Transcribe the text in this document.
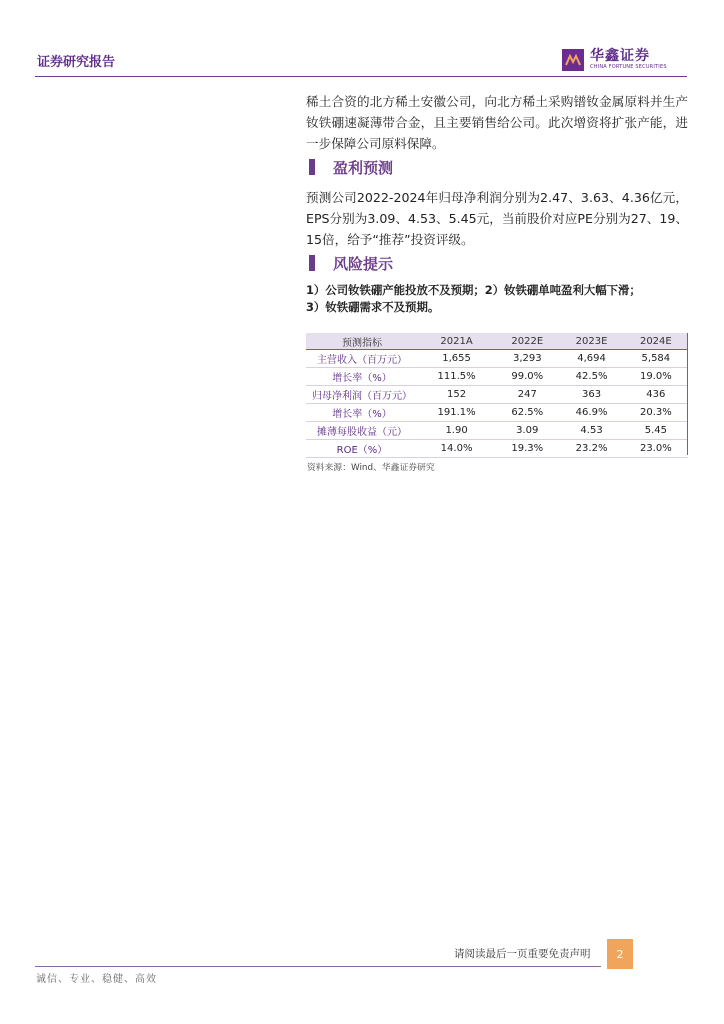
证券研究报告	华鑫证券
CHINA FORTUNE SECURITIES

稀土合资的北方稀土安徽公司，向北方稀土采购镨钕金属原料并生产钕铁硼速凝薄带合金，且主要销售给公司。此次增资将扩张产能，进一步保障公司原料保障。

盈利预测

预测公司2022-2024年归母净利润分别为2.47、3.63、4.36亿元，EPS分别为3.09、4.53、5.45元，当前股价对应PE分别为27、19、15倍，给予“推荐”投资评级。

风险提示

1）公司钕铁硼产能投放不及预期；2）钕铁硼单吨盈利大幅下滑；

3）钕铁硼需求不及预期。

预测指标	2021A	2022E	2023E	2024E
主营收入（百万元）	1,655	3,293	4,694	5,584
增长率（%）	111.5%	99.0%	42.5%	19.0%
归母净利润（百万元）	152	247	363	436
增长率（%）	191.1%	62.5%	46.9%	20.3%
摊薄每股收益（元）	1.90	3.09	4.53	5.45
ROE（%）	14.0%	19.3%	23.2%	23.0%
资料来源：Wind、华鑫证券研究
请阅读最后一页重要免责声明	2
诚信、专业、稳健、高效
